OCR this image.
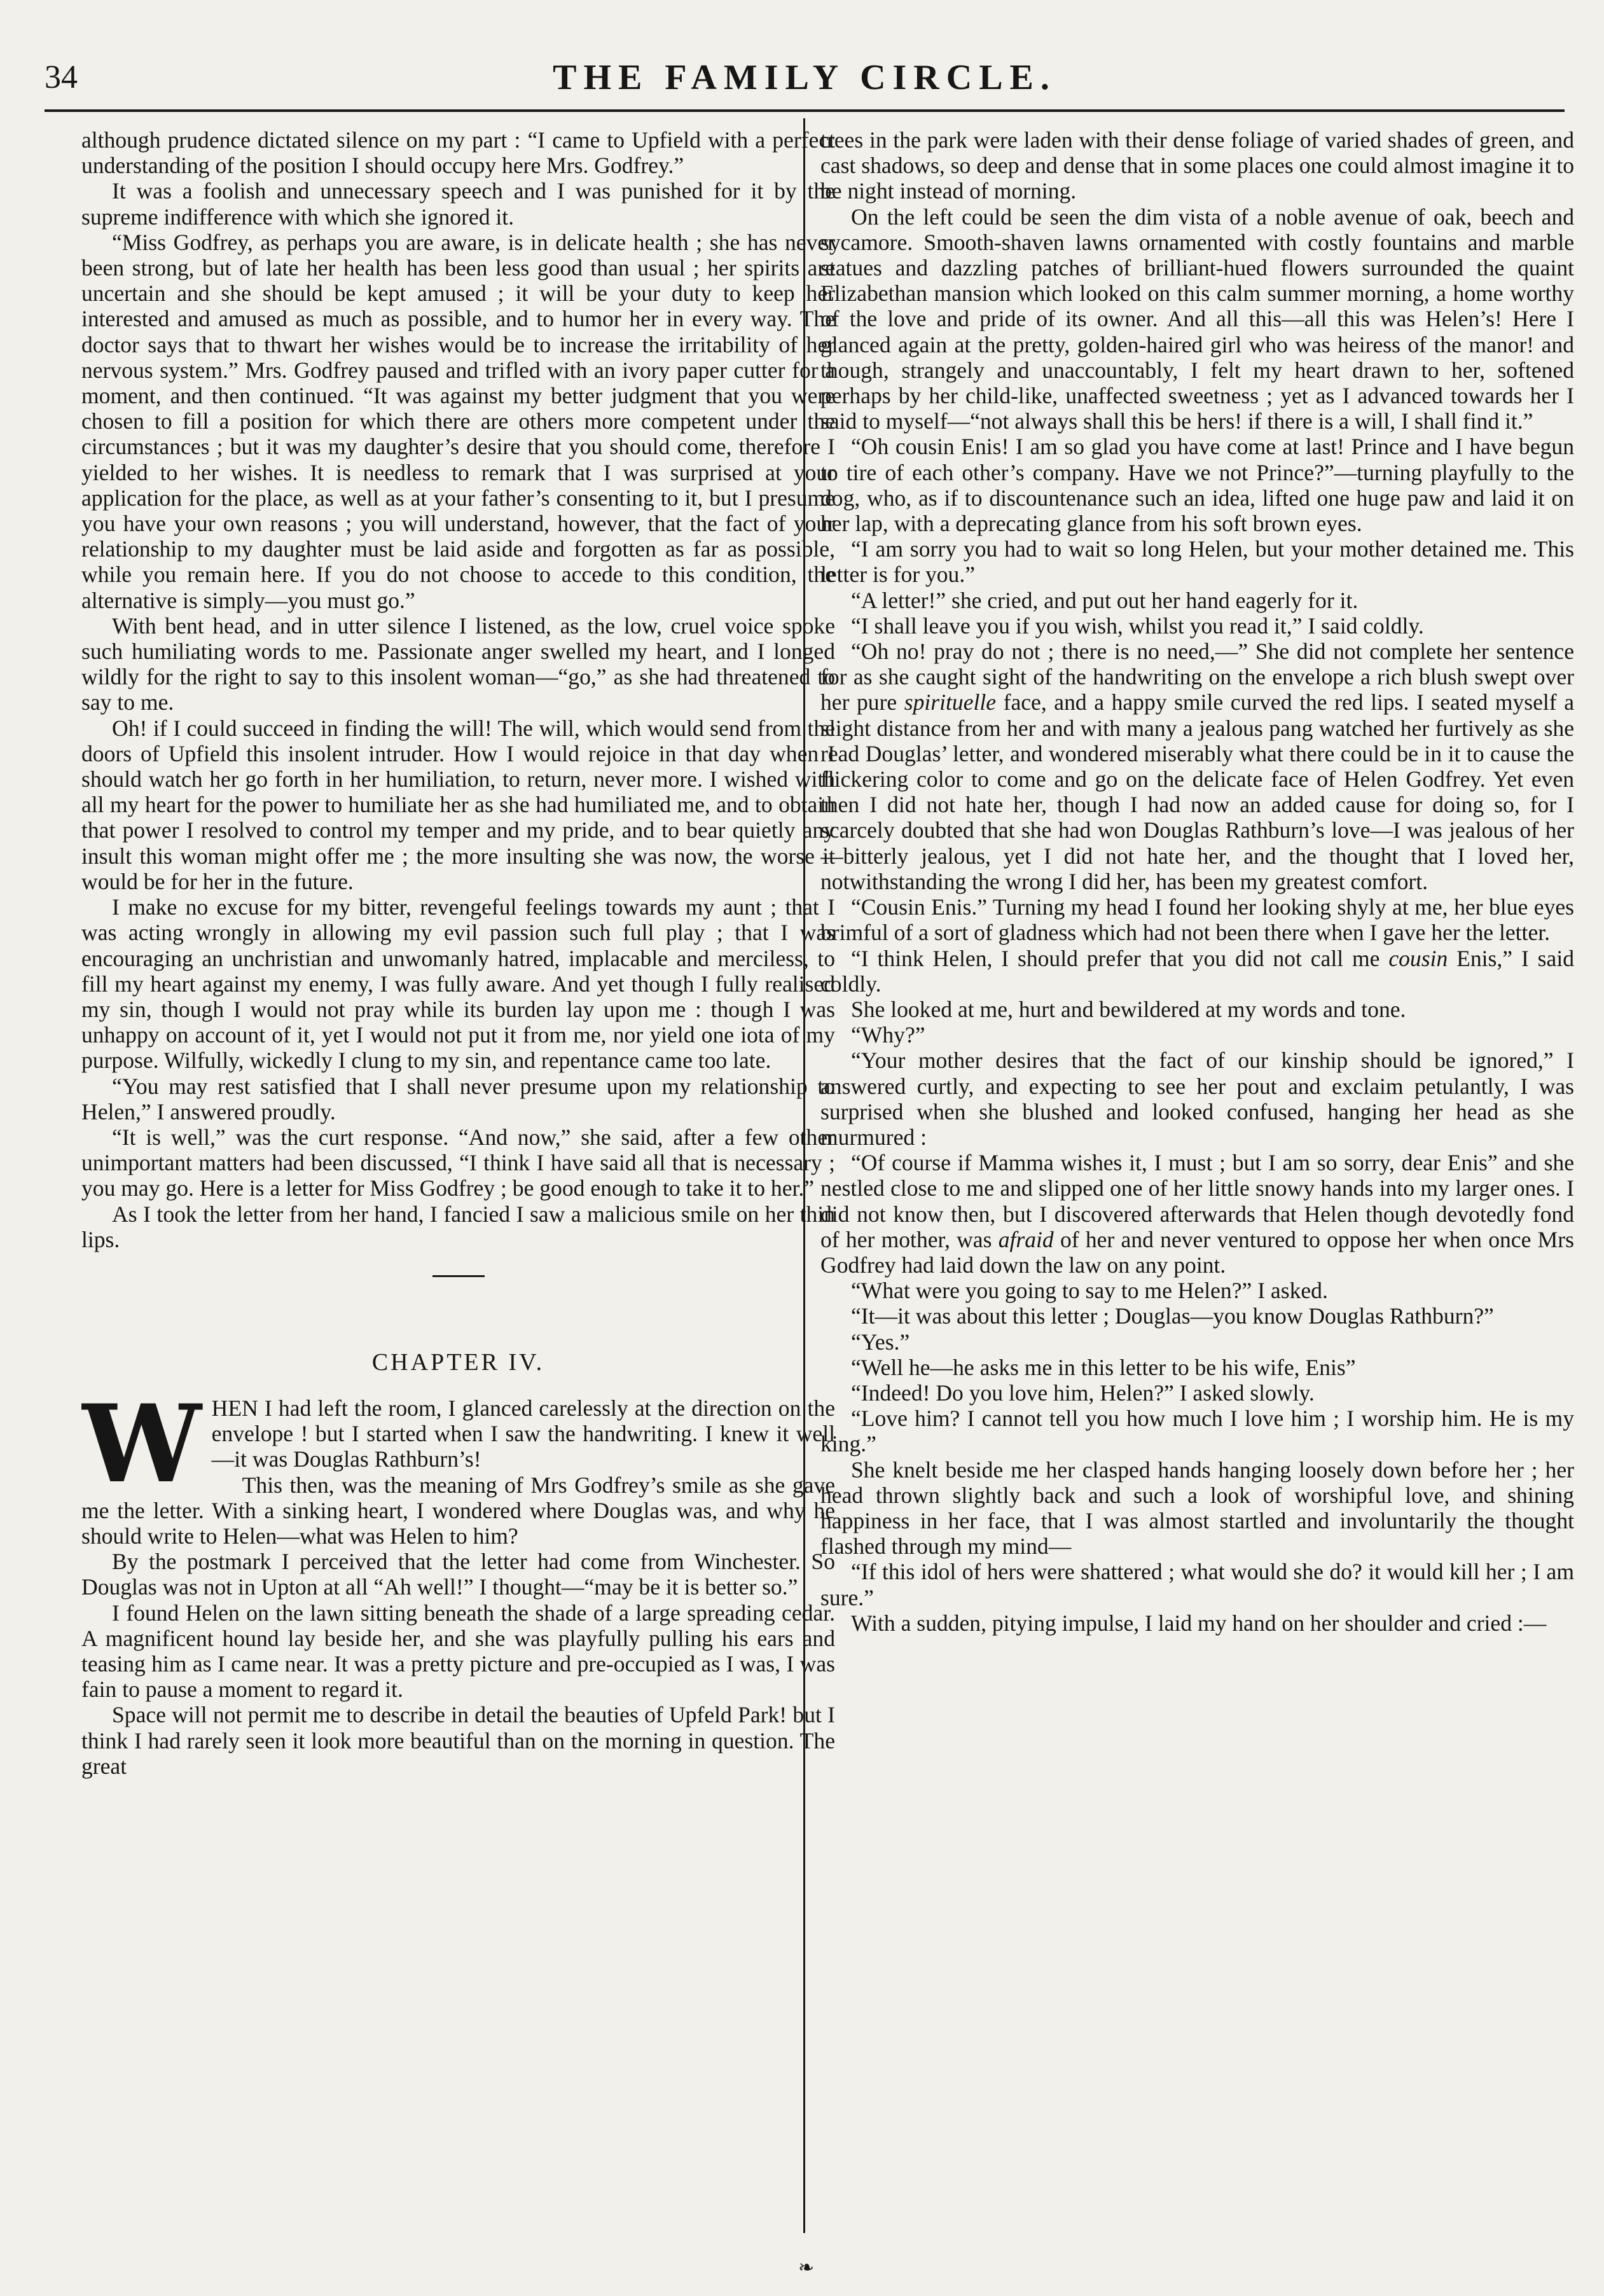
34	THE FAMILY CIRCLE.

although prudence dictated silence on my part : “I came to Upfield with a perfect understanding of the position I should occupy here Mrs. Godfrey.”

It was a foolish and unnecessary speech and I was punished for it by the supreme indifference with which she ignored it.

“Miss Godfrey, as perhaps you are aware, is in delicate health ; she has never been strong, but of late her health has been less good than usual ; her spirits are uncertain and she should be kept amused ; it will be your duty to keep her interested and amused as much as possible, and to humor her in every way. The doctor says that to thwart her wishes would be to increase the irritability of her nervous system.” Mrs. Godfrey paused and trifled with an ivory paper cutter for a moment, and then continued. “It was against my better judgment that you were chosen to fill a position for which there are others more competent under the circumstances ; but it was my daughter’s desire that you should come, therefore I yielded to her wishes. It is needless to remark that I was surprised at your application for the place, as well as at your father’s consenting to it, but I presume you have your own reasons ; you will understand, however, that the fact of your relationship to my daughter must be laid aside and forgotten as far as possible, while you remain here. If you do not choose to accede to this condition, the alternative is simply—you must go.”

With bent head, and in utter silence I listened, as the low, cruel voice spoke such humiliating words to me. Passionate anger swelled my heart, and I longed wildly for the right to say to this insolent woman—“go,” as she had threatened to say to me.

Oh! if I could succeed in finding the will! The will, which would send from the doors of Upfield this insolent intruder. How I would rejoice in that day when I should watch her go forth in her humiliation, to return, never more. I wished with all my heart for the power to humiliate her as she had humiliated me, and to obtain that power I resolved to control my temper and my pride, and to bear quietly any insult this woman might offer me ; the more insulting she was now, the worse it would be for her in the future.

I make no excuse for my bitter, revengeful feelings towards my aunt ; that I was acting wrongly in allowing my evil passion such full play ; that I was encouraging an unchristian and unwomanly hatred, implacable and merciless, to fill my heart against my enemy, I was fully aware. And yet though I fully realised my sin, though I would not pray while its burden lay upon me : though I was unhappy on account of it, yet I would not put it from me, nor yield one iota of my purpose. Wilfully, wickedly I clung to my sin, and repentance came too late.

“You may rest satisfied that I shall never presume upon my relationship to Helen,” I answered proudly.

“It is well,” was the curt response. “And now,” she said, after a few other unimportant matters had been discussed, “I think I have said all that is necessary ; you may go. Here is a letter for Miss Godfrey ; be good enough to take it to her.”

As I took the letter from her hand, I fancied I saw a malicious smile on her thin lips.

CHAPTER IV.

WHEN I had left the room, I glanced carelessly at the direction on the envelope ! but I started when I saw the handwriting. I knew it well—it was Douglas Rathburn’s!

This then, was the meaning of Mrs Godfrey’s smile as she gave me the letter. With a sinking heart, I wondered where Douglas was, and why he should write to Helen—what was Helen to him?

By the postmark I perceived that the letter had come from Winchester. So Douglas was not in Upton at all “Ah well!” I thought—“may be it is better so.”

I found Helen on the lawn sitting beneath the shade of a large spreading cedar. A magnificent hound lay beside her, and she was playfully pulling his ears and teasing him as I came near. It was a pretty picture and pre-occupied as I was, I was fain to pause a moment to regard it.

Space will not permit me to describe in detail the beauties of Upfeld Park! but I think I had rarely seen it look more beautiful than on the morning in question. The great

trees in the park were laden with their dense foliage of varied shades of green, and cast shadows, so deep and dense that in some places one could almost imagine it to be night instead of morning.

On the left could be seen the dim vista of a noble avenue of oak, beech and sycamore. Smooth-shaven lawns ornamented with costly fountains and marble statues and dazzling patches of brilliant-hued flowers surrounded the quaint Elizabethan mansion which looked on this calm summer morning, a home worthy of the love and pride of its owner. And all this—all this was Helen’s! Here I glanced again at the pretty, golden-haired girl who was heiress of the manor! and though, strangely and unaccountably, I felt my heart drawn to her, softened perhaps by her child-like, unaffected sweetness ; yet as I advanced towards her I said to myself—“not always shall this be hers! if there is a will, I shall find it.”

“Oh cousin Enis! I am so glad you have come at last! Prince and I have begun to tire of each other’s company. Have we not Prince?”—turning playfully to the dog, who, as if to discountenance such an idea, lifted one huge paw and laid it on her lap, with a deprecating glance from his soft brown eyes.

“I am sorry you had to wait so long Helen, but your mother detained me. This letter is for you.”

“A letter!” she cried, and put out her hand eagerly for it.

“I shall leave you if you wish, whilst you read it,” I said coldly.

“Oh no! pray do not ; there is no need,—” She did not complete her sentence for as she caught sight of the handwriting on the envelope a rich blush swept over her pure spirituelle face, and a happy smile curved the red lips. I seated myself a slight distance from her and with many a jealous pang watched her furtively as she read Douglas’ letter, and wondered miserably what there could be in it to cause the flickering color to come and go on the delicate face of Helen Godfrey. Yet even then I did not hate her, though I had now an added cause for doing so, for I scarcely doubted that she had won Douglas Rathburn’s love—I was jealous of her—bitterly jealous, yet I did not hate her, and the thought that I loved her, notwithstanding the wrong I did her, has been my greatest comfort.

“Cousin Enis.” Turning my head I found her looking shyly at me, her blue eyes brimful of a sort of gladness which had not been there when I gave her the letter.

“I think Helen, I should prefer that you did not call me cousin Enis,” I said coldly.

She looked at me, hurt and bewildered at my words and tone.

“Why?”

“Your mother desires that the fact of our kinship should be ignored,” I answered curtly, and expecting to see her pout and exclaim petulantly, I was surprised when she blushed and looked confused, hanging her head as she murmured :

“Of course if Mamma wishes it, I must ; but I am so sorry, dear Enis” and she nestled close to me and slipped one of her little snowy hands into my larger ones. I did not know then, but I discovered afterwards that Helen though devotedly fond of her mother, was afraid of her and never ventured to oppose her when once Mrs Godfrey had laid down the law on any point.

“What were you going to say to me Helen?” I asked.

“It—it was about this letter ; Douglas—you know Douglas Rathburn?”

“Yes.”

“Well he—he asks me in this letter to be his wife, Enis”

“Indeed! Do you love him, Helen?” I asked slowly.

“Love him? I cannot tell you how much I love him ; I worship him. He is my king.”

She knelt beside me her clasped hands hanging loosely down before her ; her head thrown slightly back and such a look of worshipful love, and shining happiness in her face, that I was almost startled and involuntarily the thought flashed through my mind—

“If this idol of hers were shattered ; what would she do? it would kill her ; I am sure.”

With a sudden, pitying impulse, I laid my hand on her shoulder and cried :—

❧
